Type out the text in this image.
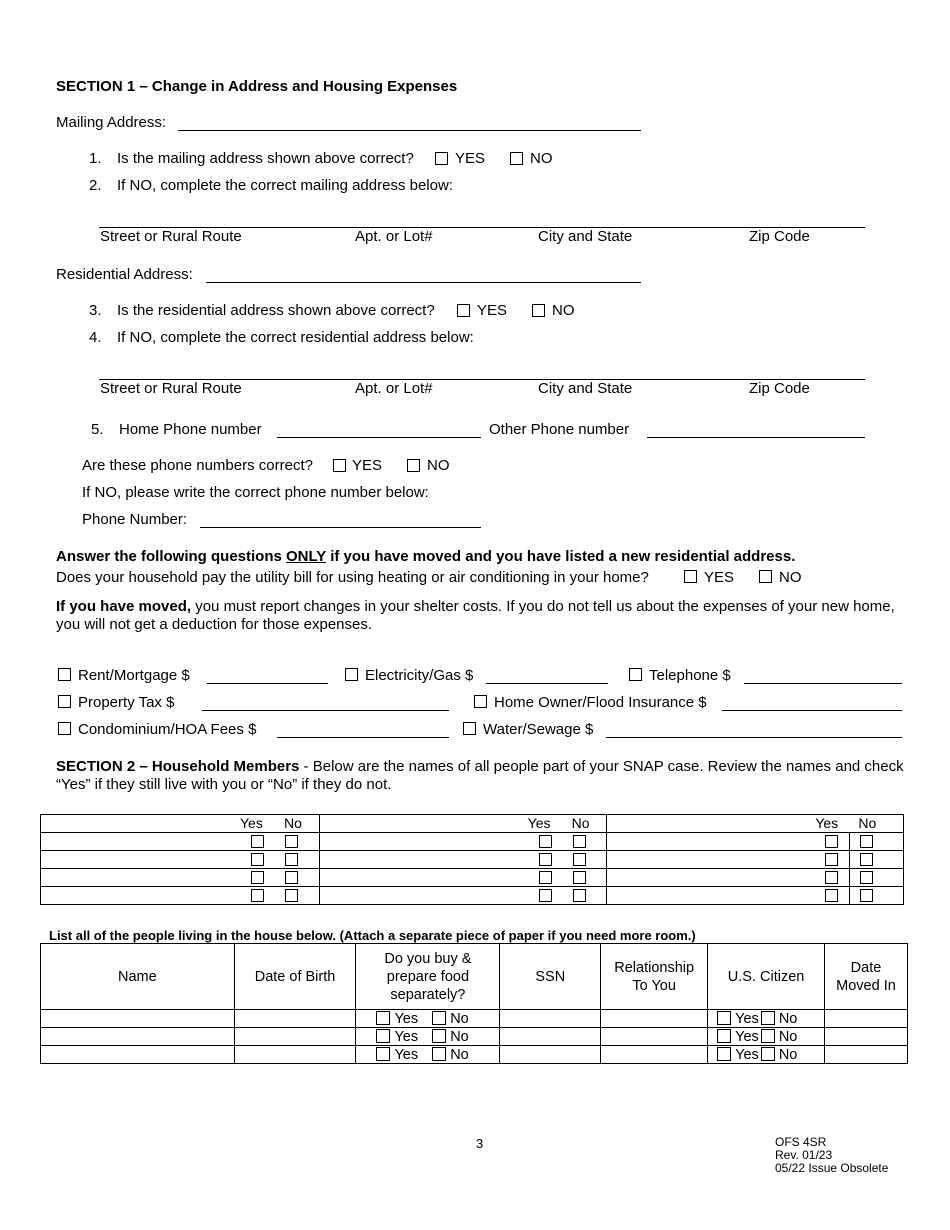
SECTION 1 – Change in Address and Housing Expenses
Mailing Address:
1. Is the mailing address shown above correct?	YES	NO
2. If NO, complete the correct mailing address below:
Street or Rural Route	Apt. or Lot#	City and State	Zip Code
Residential Address:
3. Is the residential address shown above correct?	YES	NO
4. If NO, complete the correct residential address below:
Street or Rural Route	Apt. or Lot#	City and State	Zip Code
5. Home Phone number	Other Phone number
Are these phone numbers correct?	YES	NO
If NO, please write the correct phone number below:
Phone Number:
Answer the following questions ONLY if you have moved and you have listed a new residential address.
Does your household pay the utility bill for using heating or air conditioning in your home?	YES	NO
If you have moved, you must report changes in your shelter costs. If you do not tell us about the expenses of your new home, you will not get a deduction for those expenses.
Rent/Mortgage $	Electricity/Gas $	Telephone $
Property Tax $	Home Owner/Flood Insurance $
Condominium/HOA Fees $	Water/Sewage $
SECTION 2 – Household Members - Below are the names of all people part of your SNAP case. Review the names and check “Yes” if they still live with you or “No” if they do not.
Yes No	Yes No	Yes No

List all of the people living in the house below. (Attach a separate piece of paper if you need more room.)
Name	Date of Birth	Do you buy & prepare food separately?	SSN	Relationship To You	U.S. Citizen	Date Moved In
		Yes No			Yes No	
		Yes No			Yes No	
		Yes No			Yes No	
3	OFS 4SR
Rev. 01/23
05/22 Issue Obsolete
